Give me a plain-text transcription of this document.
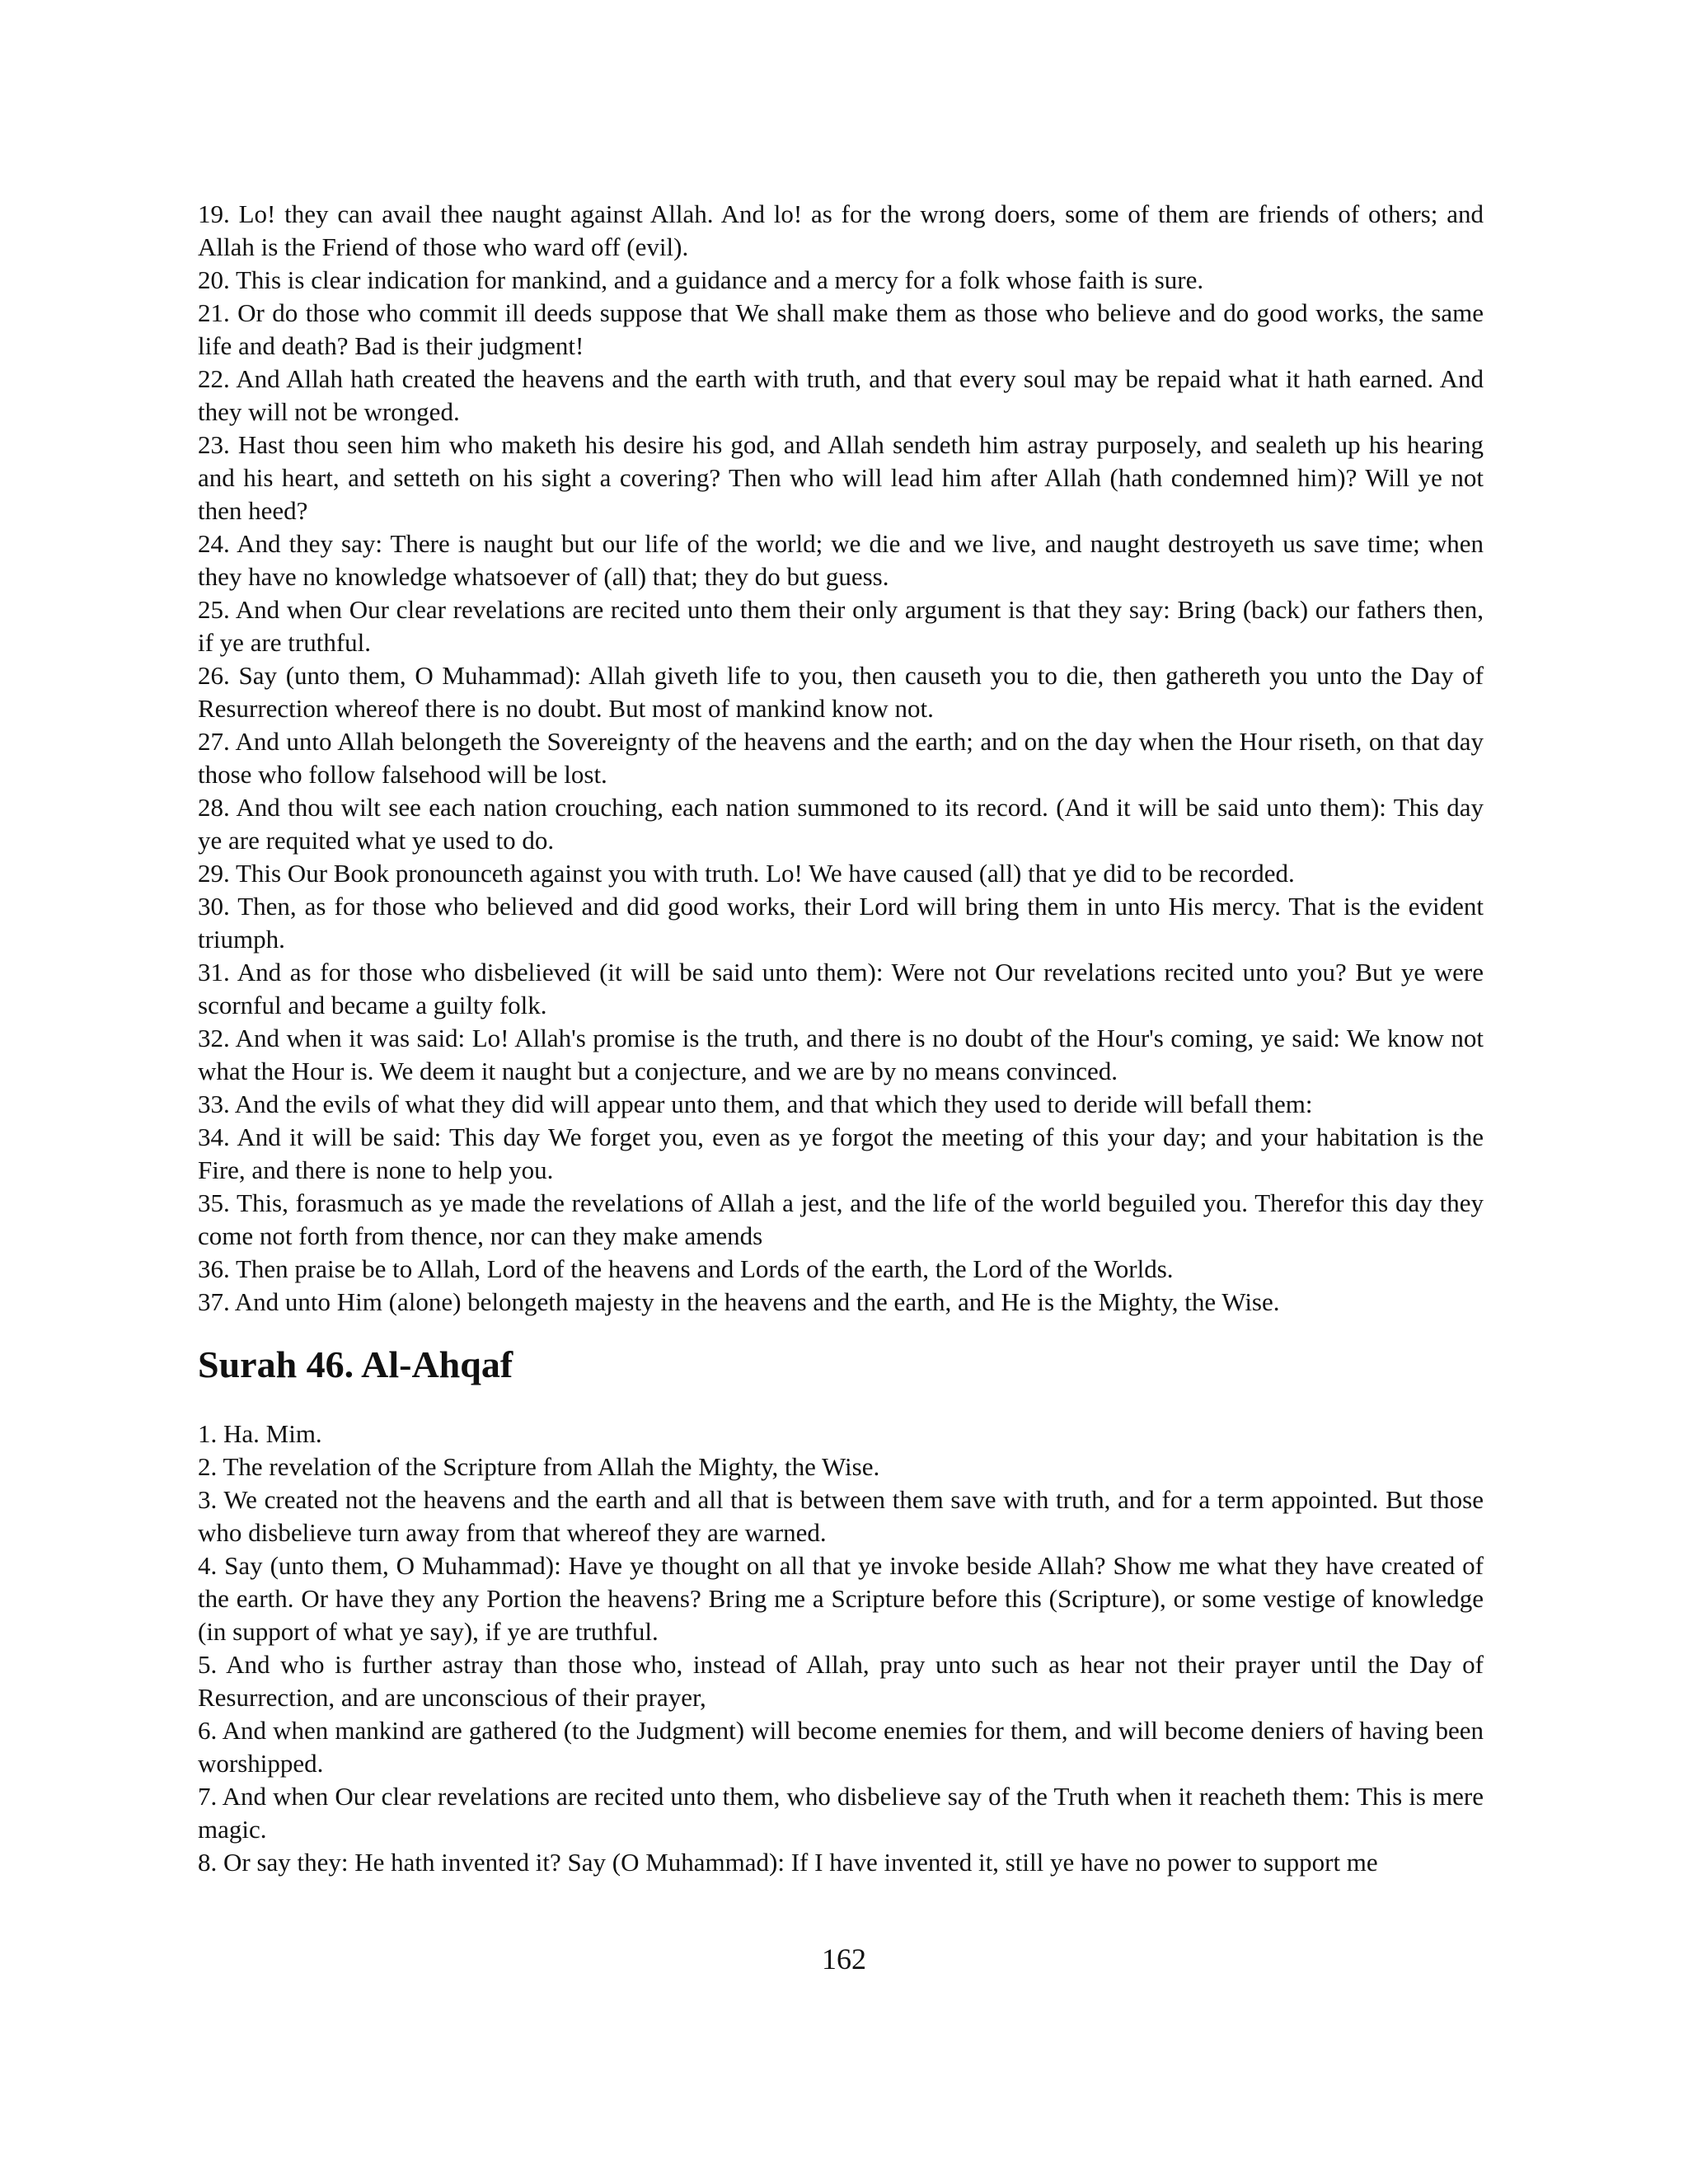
19. Lo! they can avail thee naught against Allah. And lo! as for the wrong doers, some of them are friends of others; and Allah is the Friend of those who ward off (evil).

20. This is clear indication for mankind, and a guidance and a mercy for a folk whose faith is sure.

21. Or do those who commit ill deeds suppose that We shall make them as those who believe and do good works, the same life and death? Bad is their judgment!

22. And Allah hath created the heavens and the earth with truth, and that every soul may be repaid what it hath earned. And they will not be wronged.

23. Hast thou seen him who maketh his desire his god, and Allah sendeth him astray purposely, and sealeth up his hearing and his heart, and setteth on his sight a covering? Then who will lead him after Allah (hath condemned him)? Will ye not then heed?

24. And they say: There is naught but our life of the world; we die and we live, and naught destroyeth us save time; when they have no knowledge whatsoever of (all) that; they do but guess.

25. And when Our clear revelations are recited unto them their only argument is that they say: Bring (back) our fathers then, if ye are truthful.

26. Say (unto them, O Muhammad): Allah giveth life to you, then causeth you to die, then gathereth you unto the Day of Resurrection whereof there is no doubt. But most of mankind know not.

27. And unto Allah belongeth the Sovereignty of the heavens and the earth; and on the day when the Hour riseth, on that day those who follow falsehood will be lost.

28. And thou wilt see each nation crouching, each nation summoned to its record. (And it will be said unto them): This day ye are requited what ye used to do.

29. This Our Book pronounceth against you with truth. Lo! We have caused (all) that ye did to be recorded.

30. Then, as for those who believed and did good works, their Lord will bring them in unto His mercy. That is the evident triumph.

31. And as for those who disbelieved (it will be said unto them): Were not Our revelations recited unto you? But ye were scornful and became a guilty folk.

32. And when it was said: Lo! Allah's promise is the truth, and there is no doubt of the Hour's coming, ye said: We know not what the Hour is. We deem it naught but a conjecture, and we are by no means convinced.

33. And the evils of what they did will appear unto them, and that which they used to deride will befall them:

34. And it will be said: This day We forget you, even as ye forgot the meeting of this your day; and your habitation is the Fire, and there is none to help you.

35. This, forasmuch as ye made the revelations of Allah a jest, and the life of the world beguiled you. Therefor this day they come not forth from thence, nor can they make amends

36. Then praise be to Allah, Lord of the heavens and Lords of the earth, the Lord of the Worlds.

37. And unto Him (alone) belongeth majesty in the heavens and the earth, and He is the Mighty, the Wise.

Surah 46. Al-Ahqaf

1. Ha. Mim.

2. The revelation of the Scripture from Allah the Mighty, the Wise.

3. We created not the heavens and the earth and all that is between them save with truth, and for a term appointed. But those who disbelieve turn away from that whereof they are warned.

4. Say (unto them, O Muhammad): Have ye thought on all that ye invoke beside Allah? Show me what they have created of the earth. Or have they any Portion the heavens? Bring me a Scripture before this (Scripture), or some vestige of knowledge (in support of what ye say), if ye are truthful.

5. And who is further astray than those who, instead of Allah, pray unto such as hear not their prayer until the Day of Resurrection, and are unconscious of their prayer,

6. And when mankind are gathered (to the Judgment) will become enemies for them, and will become deniers of having been worshipped.

7. And when Our clear revelations are recited unto them, who disbelieve say of the Truth when it reacheth them: This is mere magic.

8. Or say they: He hath invented it? Say (O Muhammad): If I have invented it, still ye have no power to support me

162
